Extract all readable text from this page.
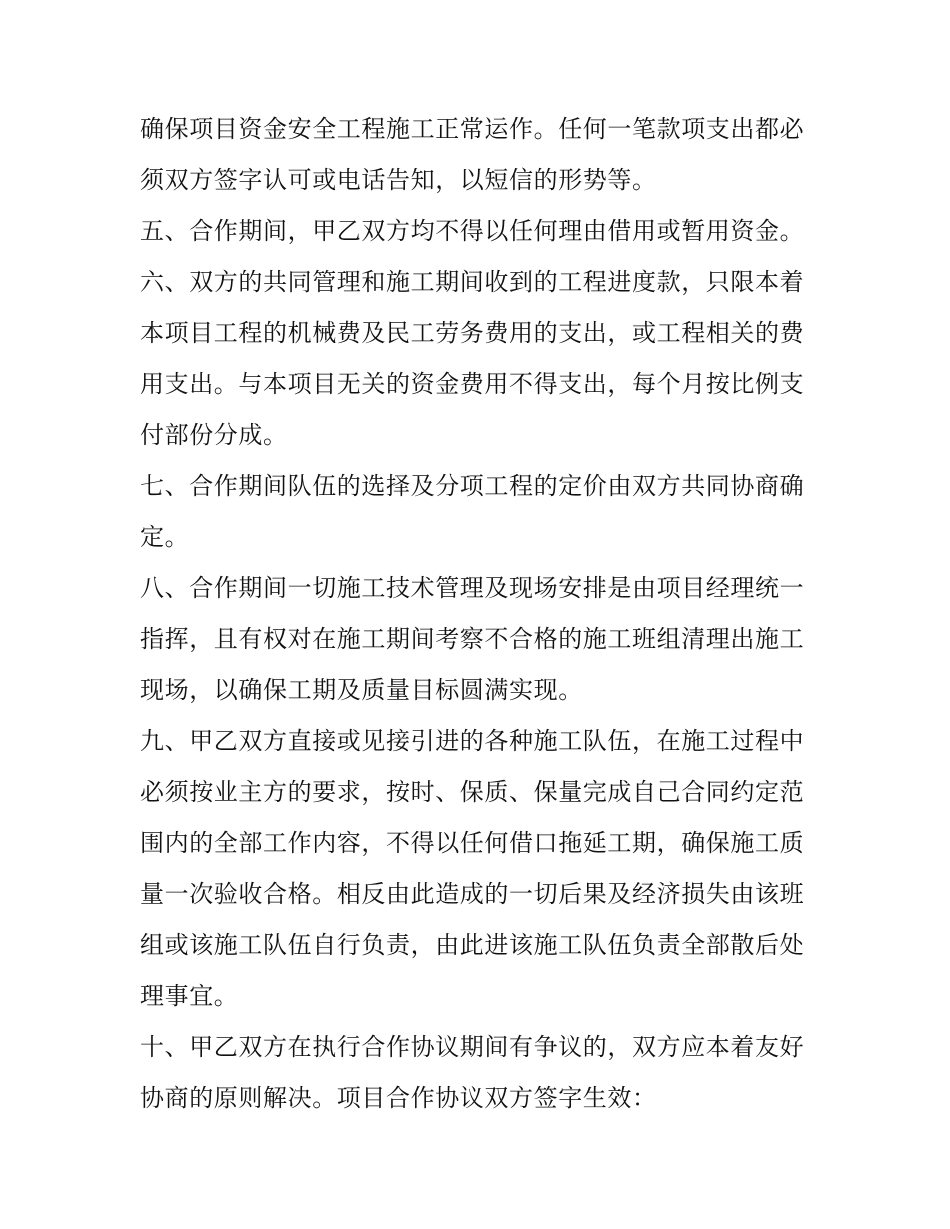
确保项目资金安全工程施工正常运作。任何一笔款项支出都必
须双方签字认可或电话告知，以短信的形势等。
五、合作期间，甲乙双方均不得以任何理由借用或暂用资金。
六、双方的共同管理和施工期间收到的工程进度款，只限本着
本项目工程的机械费及民工劳务费用的支出，或工程相关的费
用支出。与本项目无关的资金费用不得支出，每个月按比例支
付部份分成。
七、合作期间队伍的选择及分项工程的定价由双方共同协商确
定。
八、合作期间一切施工技术管理及现场安排是由项目经理统一
指挥，且有权对在施工期间考察不合格的施工班组清理出施工
现场，以确保工期及质量目标圆满实现。
九、甲乙双方直接或见接引进的各种施工队伍，在施工过程中
必须按业主方的要求，按时、保质、保量完成自己合同约定范
围内的全部工作内容，不得以任何借口拖延工期，确保施工质
量一次验收合格。相反由此造成的一切后果及经济损失由该班
组或该施工队伍自行负责，由此进该施工队伍负责全部散后处
理事宜。
十、甲乙双方在执行合作协议期间有争议的，双方应本着友好
协商的原则解决。项目合作协议双方签字生效：
